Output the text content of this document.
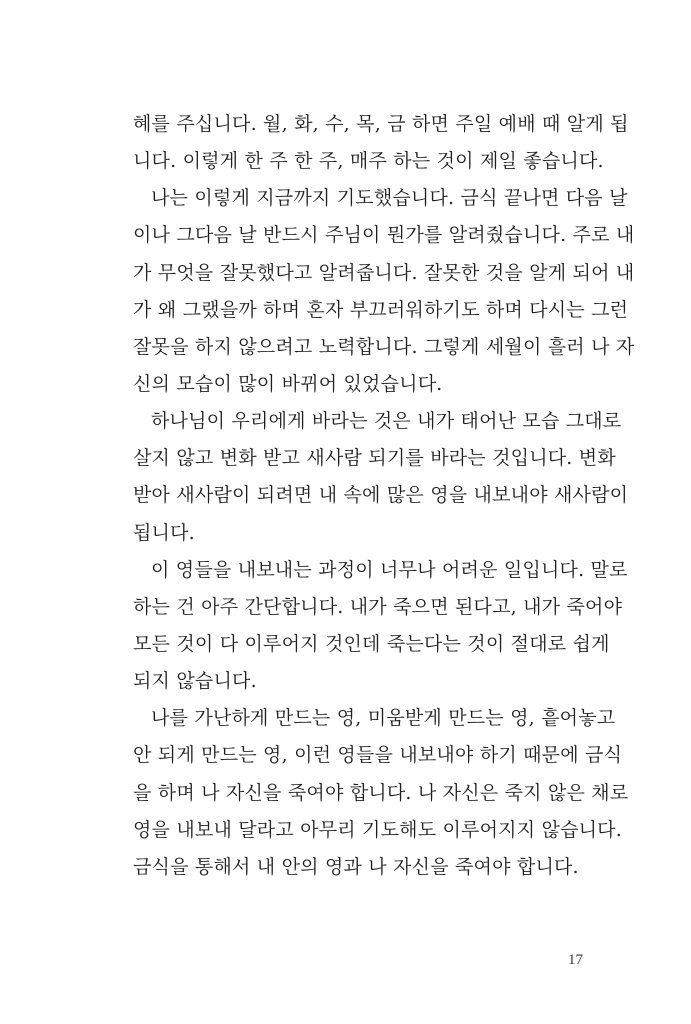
혜를 주십니다. 월, 화, 수, 목, 금 하면 주일 예배 때 알게 됩
니다. 이렇게 한 주 한 주, 매주 하는 것이 제일 좋습니다.
나는 이렇게 지금까지 기도했습니다. 금식 끝나면 다음 날
이나 그다음 날 반드시 주님이 뭔가를 알려줬습니다. 주로 내
가 무엇을 잘못했다고 알려줍니다. 잘못한 것을 알게 되어 내
가 왜 그랬을까 하며 혼자 부끄러워하기도 하며 다시는 그런
잘못을 하지 않으려고 노력합니다. 그렇게 세월이 흘러 나 자
신의 모습이 많이 바뀌어 있었습니다.
하나님이 우리에게 바라는 것은 내가 태어난 모습 그대로
살지 않고 변화 받고 새사람 되기를 바라는 것입니다. 변화
받아 새사람이 되려면 내 속에 많은 영을 내보내야 새사람이
됩니다.
이 영들을 내보내는 과정이 너무나 어려운 일입니다. 말로
하는 건 아주 간단합니다. 내가 죽으면 된다고, 내가 죽어야
모든 것이 다 이루어지 것인데 죽는다는 것이 절대로 쉽게
되지 않습니다.
나를 가난하게 만드는 영, 미움받게 만드는 영, 흩어놓고
안 되게 만드는 영, 이런 영들을 내보내야 하기 때문에 금식
을 하며 나 자신을 죽여야 합니다. 나 자신은 죽지 않은 채로
영을 내보내 달라고 아무리 기도해도 이루어지지 않습니다.
금식을 통해서 내 안의 영과 나 자신을 죽여야 합니다.
17
